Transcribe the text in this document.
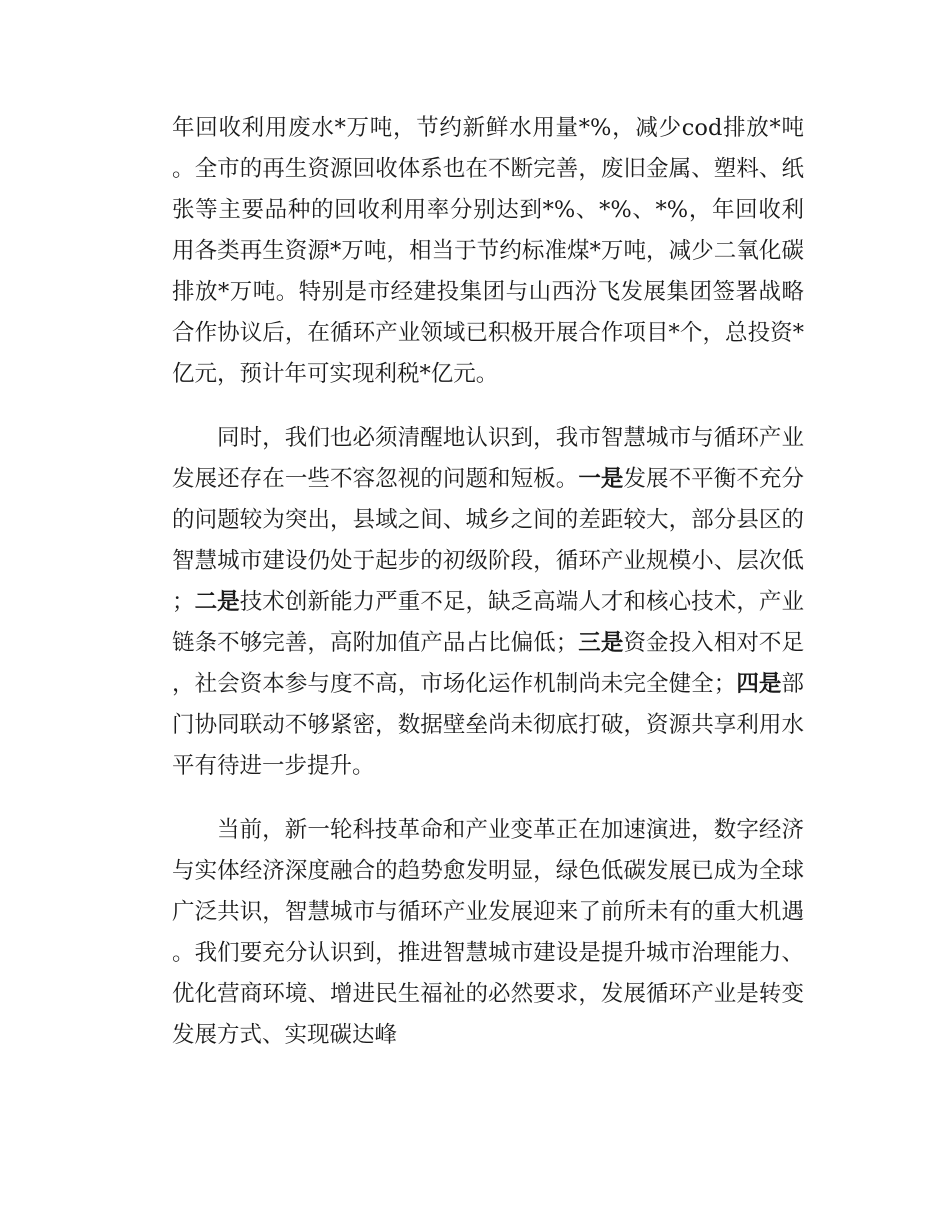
年回收利用废水*万吨，节约新鲜水用量*%，减少cod排放*吨。全市的再生资源回收体系也在不断完善，废旧金属、塑料、纸张等主要品种的回收利用率分别达到*%、*%、*%，年回收利用各类再生资源*万吨，相当于节约标准煤*万吨，减少二氧化碳排放*万吨。特别是市经建投集团与山西汾飞发展集团签署战略合作协议后，在循环产业领域已积极开展合作项目*个，总投资*亿元，预计年可实现利税*亿元。

同时，我们也必须清醒地认识到，我市智慧城市与循环产业发展还存在一些不容忽视的问题和短板。一是发展不平衡不充分的问题较为突出，县域之间、城乡之间的差距较大，部分县区的智慧城市建设仍处于起步的初级阶段，循环产业规模小、层次低；二是技术创新能力严重不足，缺乏高端人才和核心技术，产业链条不够完善，高附加值产品占比偏低；三是资金投入相对不足，社会资本参与度不高，市场化运作机制尚未完全健全；四是部门协同联动不够紧密，数据壁垒尚未彻底打破，资源共享利用水平有待进一步提升。

当前，新一轮科技革命和产业变革正在加速演进，数字经济与实体经济深度融合的趋势愈发明显，绿色低碳发展已成为全球广泛共识，智慧城市与循环产业发展迎来了前所未有的重大机遇。我们要充分认识到，推进智慧城市建设是提升城市治理能力、优化营商环境、增进民生福祉的必然要求，发展循环产业是转变发展方式、实现碳达峰
